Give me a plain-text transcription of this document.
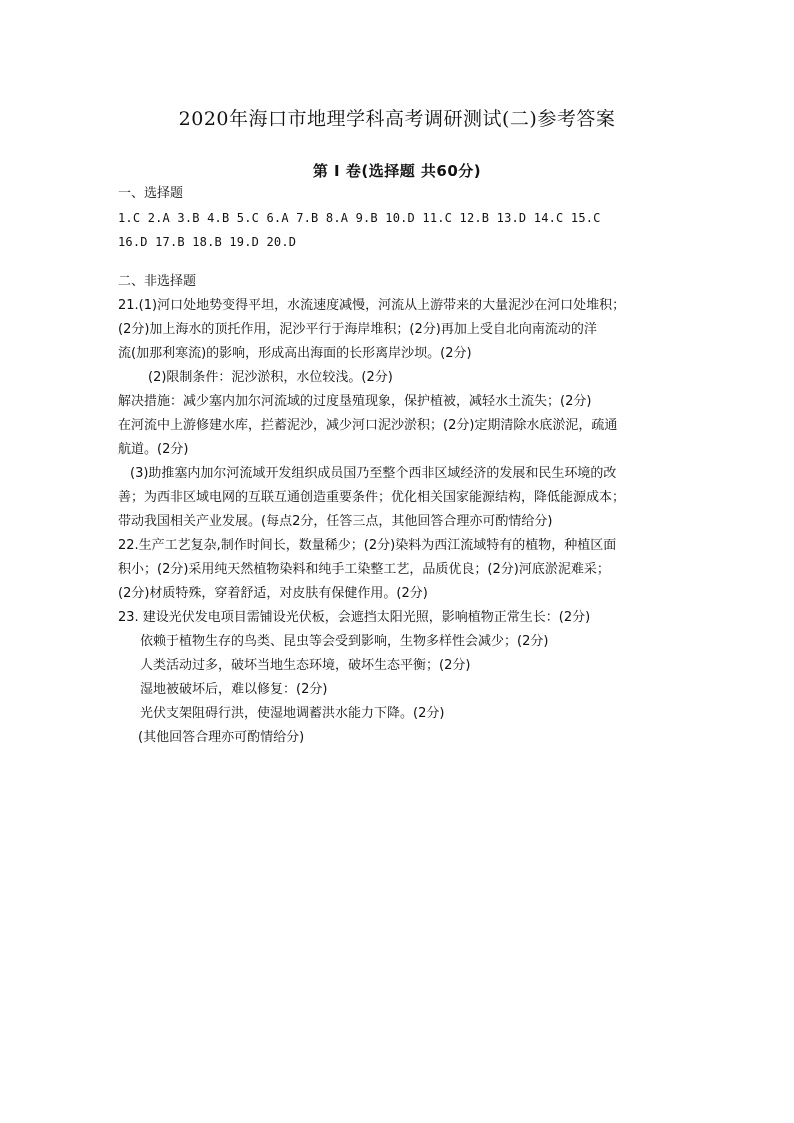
2020年海口市地理学科高考调研测试(二)参考答案
第 I 卷(选择题 共60分)
一、选择题
1.C 2.A 3.B 4.B 5.C 6.A 7.B 8.A 9.B 10.D 11.C 12.B 13.D 14.C 15.C
16.D 17.B 18.B 19.D 20.D
二、非选择题
21.(1)河口处地势变得平坦，水流速度减慢，河流从上游带来的大量泥沙在河口处堆积；
(2分)加上海水的顶托作用，泥沙平行于海岸堆积；(2分)再加上受自北向南流动的洋
流(加那利寒流)的影响，形成高出海面的长形离岸沙坝。(2分)
(2)限制条件：泥沙淤积，水位较浅。(2分)
解决措施：减少塞内加尔河流域的过度垦殖现象，保护植被，减轻水土流失；(2分)
在河流中上游修建水库，拦蓄泥沙，减少河口泥沙淤积；(2分)定期清除水底淤泥，疏通
航道。(2分)
(3)助推塞内加尔河流域开发组织成员国乃至整个西非区域经济的发展和民生环境的改
善；为西非区域电网的互联互通创造重要条件；优化相关国家能源结构，降低能源成本；
带动我国相关产业发展。(每点2分，任答三点，其他回答合理亦可酌情给分)
22.生产工艺复杂,制作时间长，数量稀少；(2分)染料为西江流域特有的植物，种植区面
积小；(2分)采用纯天然植物染料和纯手工染整工艺，品质优良；(2分)河底淤泥难采；
(2分)材质特殊，穿着舒适，对皮肤有保健作用。(2分)
23. 建设光伏发电项目需铺设光伏板，会遮挡太阳光照，影响植物正常生长：(2分)
依赖于植物生存的鸟类、昆虫等会受到影响，生物多样性会减少；(2分)
人类活动过多，破坏当地生态环境，破坏生态平衡；(2分)
湿地被破坏后，难以修复：(2分)
光伏支架阻碍行洪，使湿地调蓄洪水能力下降。(2分)
(其他回答合理亦可酌情给分)
